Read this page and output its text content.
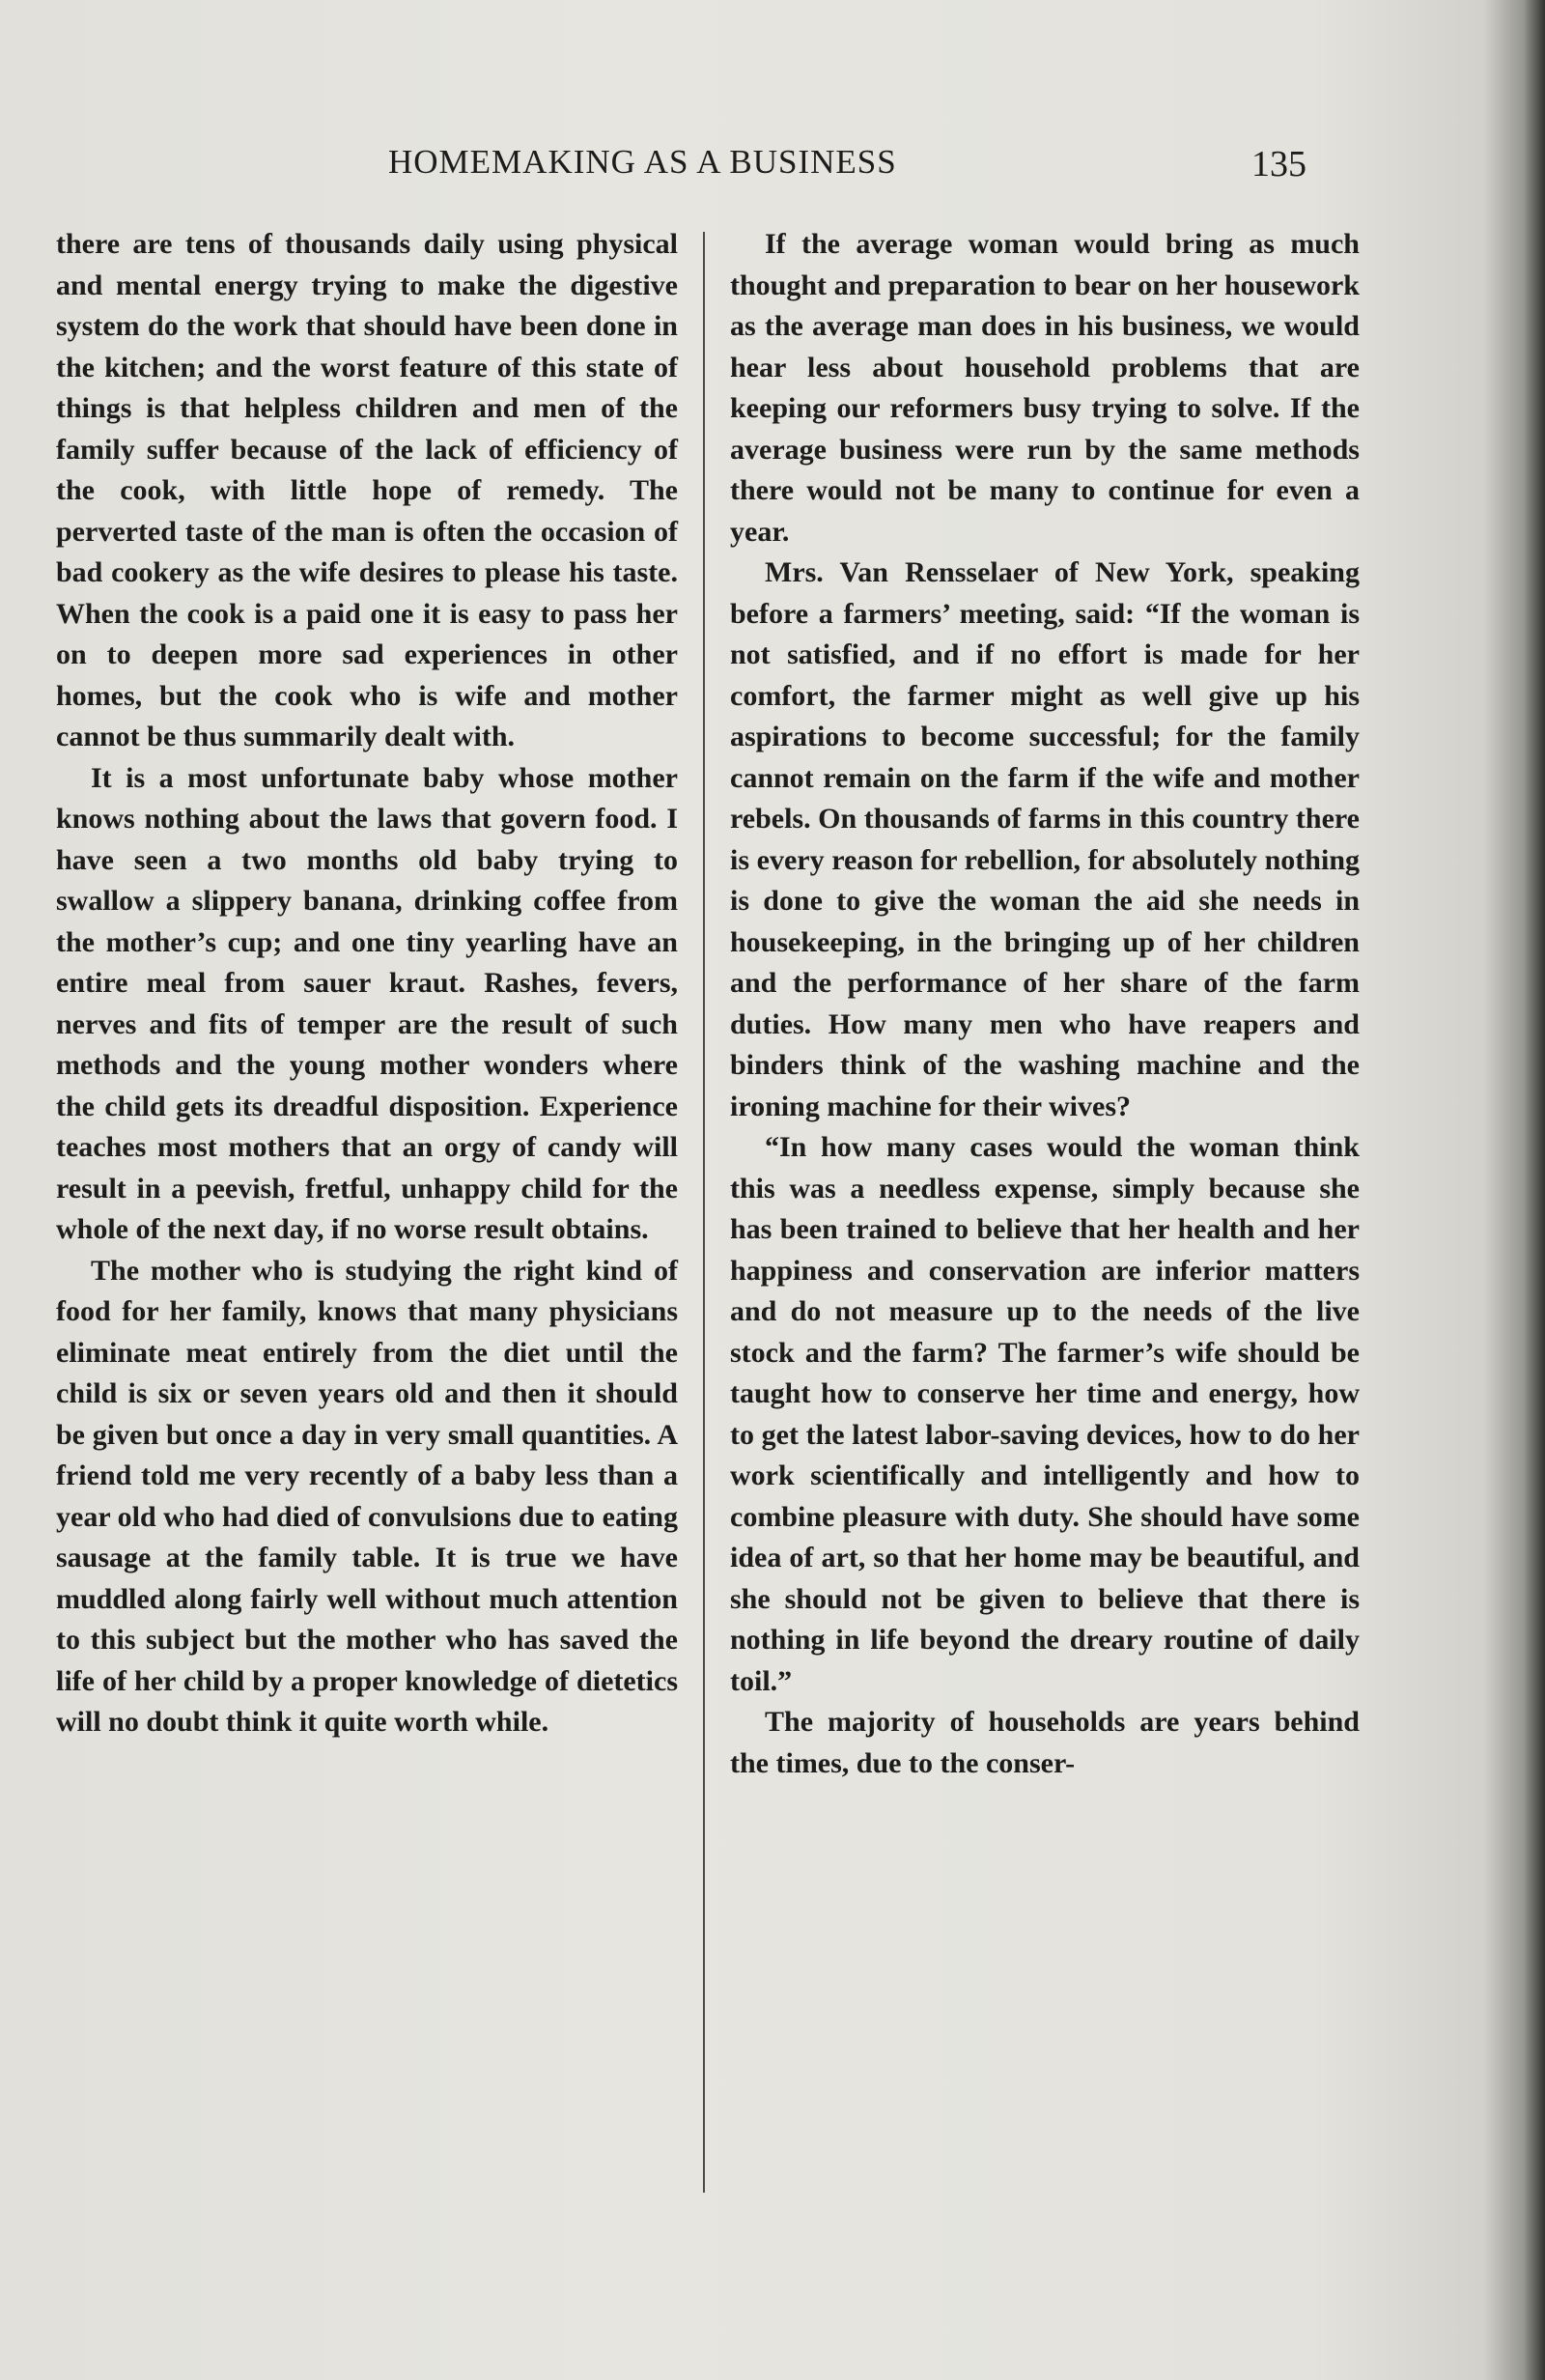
HOMEMAKING AS A BUSINESS	135

there are tens of thousands daily using physical and mental energy trying to make the digestive system do the work that should have been done in the kitchen; and the worst feature of this state of things is that helpless children and men of the family suffer because of the lack of efficiency of the cook, with little hope of remedy. The perverted taste of the man is often the occasion of bad cookery as the wife desires to please his taste. When the cook is a paid one it is easy to pass her on to deepen more sad experiences in other homes, but the cook who is wife and mother cannot be thus summarily dealt with.

It is a most unfortunate baby whose mother knows nothing about the laws that govern food. I have seen a two months old baby trying to swallow a slippery banana, drinking coffee from the mother’s cup; and one tiny yearling have an entire meal from sauer kraut. Rashes, fevers, nerves and fits of temper are the result of such methods and the young mother wonders where the child gets its dreadful disposition. Experience teaches most mothers that an orgy of candy will result in a peevish, fretful, unhappy child for the whole of the next day, if no worse result obtains.

The mother who is studying the right kind of food for her family, knows that many physicians eliminate meat entirely from the diet until the child is six or seven years old and then it should be given but once a day in very small quantities. A friend told me very recently of a baby less than a year old who had died of convulsions due to eating sausage at the family table. It is true we have muddled along fairly well without much attention to this subject but the mother who has saved the life of her child by a proper knowledge of dietetics will no doubt think it quite worth while.

If the average woman would bring as much thought and preparation to bear on her housework as the average man does in his business, we would hear less about household problems that are keeping our reformers busy trying to solve. If the average business were run by the same methods there would not be many to continue for even a year.

Mrs. Van Rensselaer of New York, speaking before a farmers’ meeting, said: “If the woman is not satisfied, and if no effort is made for her comfort, the farmer might as well give up his aspirations to become successful; for the family cannot remain on the farm if the wife and mother rebels. On thousands of farms in this country there is every reason for rebellion, for absolutely nothing is done to give the woman the aid she needs in housekeeping, in the bringing up of her children and the performance of her share of the farm duties. How many men who have reapers and binders think of the washing machine and the ironing machine for their wives?

“In how many cases would the woman think this was a needless expense, simply because she has been trained to believe that her health and her happiness and conservation are inferior matters and do not measure up to the needs of the live stock and the farm? The farmer’s wife should be taught how to conserve her time and energy, how to get the latest labor-saving devices, how to do her work scientifically and intelligently and how to combine pleasure with duty. She should have some idea of art, so that her home may be beautiful, and she should not be given to believe that there is nothing in life beyond the dreary routine of daily toil.”

The majority of households are years behind the times, due to the conser-
